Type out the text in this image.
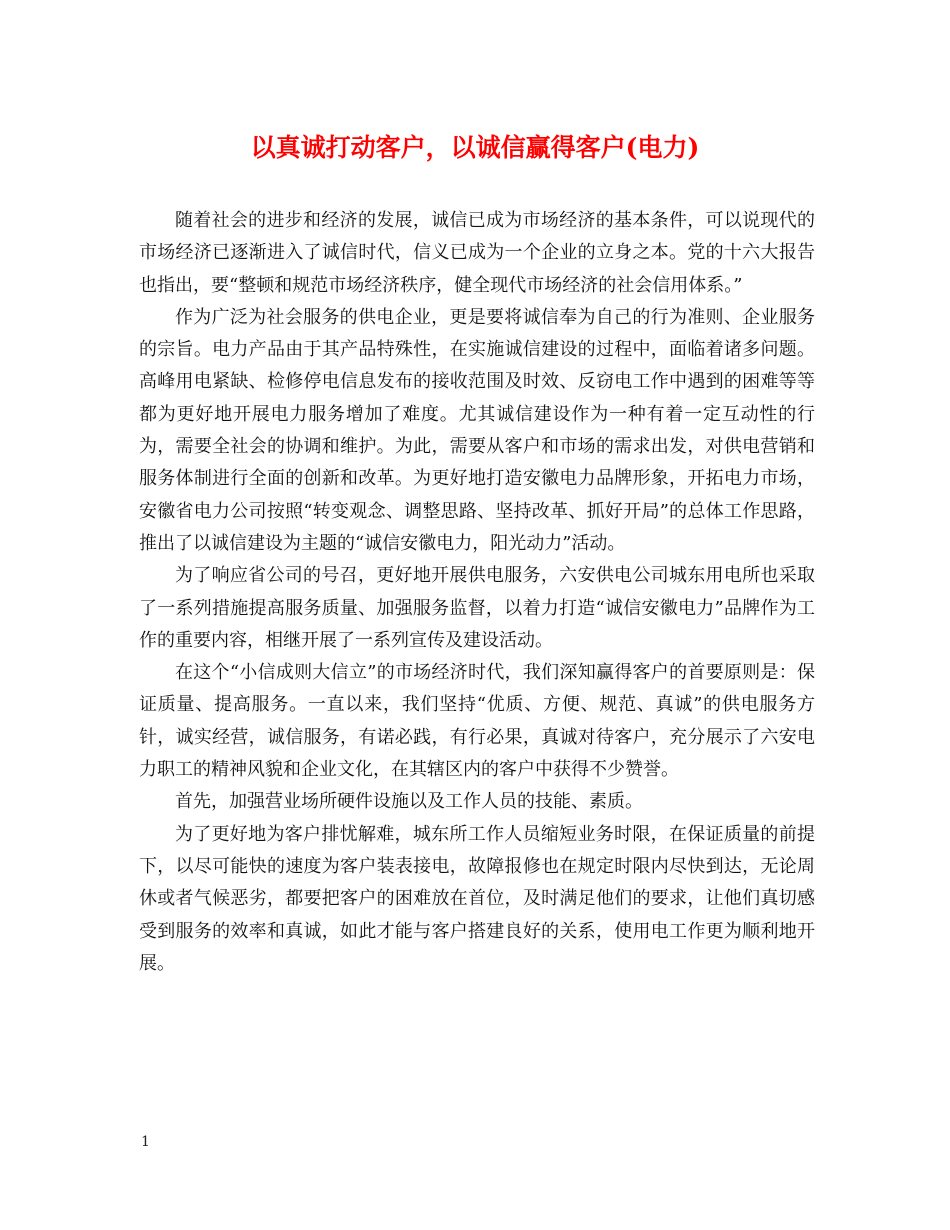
以真诚打动客户，以诚信赢得客户(电力)

随着社会的进步和经济的发展，诚信已成为市场经济的基本条件，可以说现代的市场经济已逐渐进入了诚信时代，信义已成为一个企业的立身之本。党的十六大报告也指出，要“整顿和规范市场经济秩序，健全现代市场经济的社会信用体系。”

作为广泛为社会服务的供电企业，更是要将诚信奉为自己的行为准则、企业服务的宗旨。电力产品由于其产品特殊性，在实施诚信建设的过程中，面临着诸多问题。高峰用电紧缺、检修停电信息发布的接收范围及时效、反窃电工作中遇到的困难等等都为更好地开展电力服务增加了难度。尤其诚信建设作为一种有着一定互动性的行为，需要全社会的协调和维护。为此，需要从客户和市场的需求出发，对供电营销和服务体制进行全面的创新和改革。为更好地打造安徽电力品牌形象，开拓电力市场，安徽省电力公司按照“转变观念、调整思路、坚持改革、抓好开局”的总体工作思路，推出了以诚信建设为主题的“诚信安徽电力，阳光动力”活动。

为了响应省公司的号召，更好地开展供电服务，六安供电公司城东用电所也采取了一系列措施提高服务质量、加强服务监督，以着力打造“诚信安徽电力”品牌作为工作的重要内容，相继开展了一系列宣传及建设活动。

在这个“小信成则大信立”的市场经济时代，我们深知赢得客户的首要原则是：保证质量、提高服务。一直以来，我们坚持“优质、方便、规范、真诚”的供电服务方针，诚实经营，诚信服务，有诺必践，有行必果，真诚对待客户，充分展示了六安电力职工的精神风貌和企业文化，在其辖区内的客户中获得不少赞誉。

首先，加强营业场所硬件设施以及工作人员的技能、素质。

为了更好地为客户排忧解难，城东所工作人员缩短业务时限，在保证质量的前提下，以尽可能快的速度为客户装表接电，故障报修也在规定时限内尽快到达，无论周休或者气候恶劣，都要把客户的困难放在首位，及时满足他们的要求，让他们真切感受到服务的效率和真诚，如此才能与客户搭建良好的关系，使用电工作更为顺利地开展。

1
